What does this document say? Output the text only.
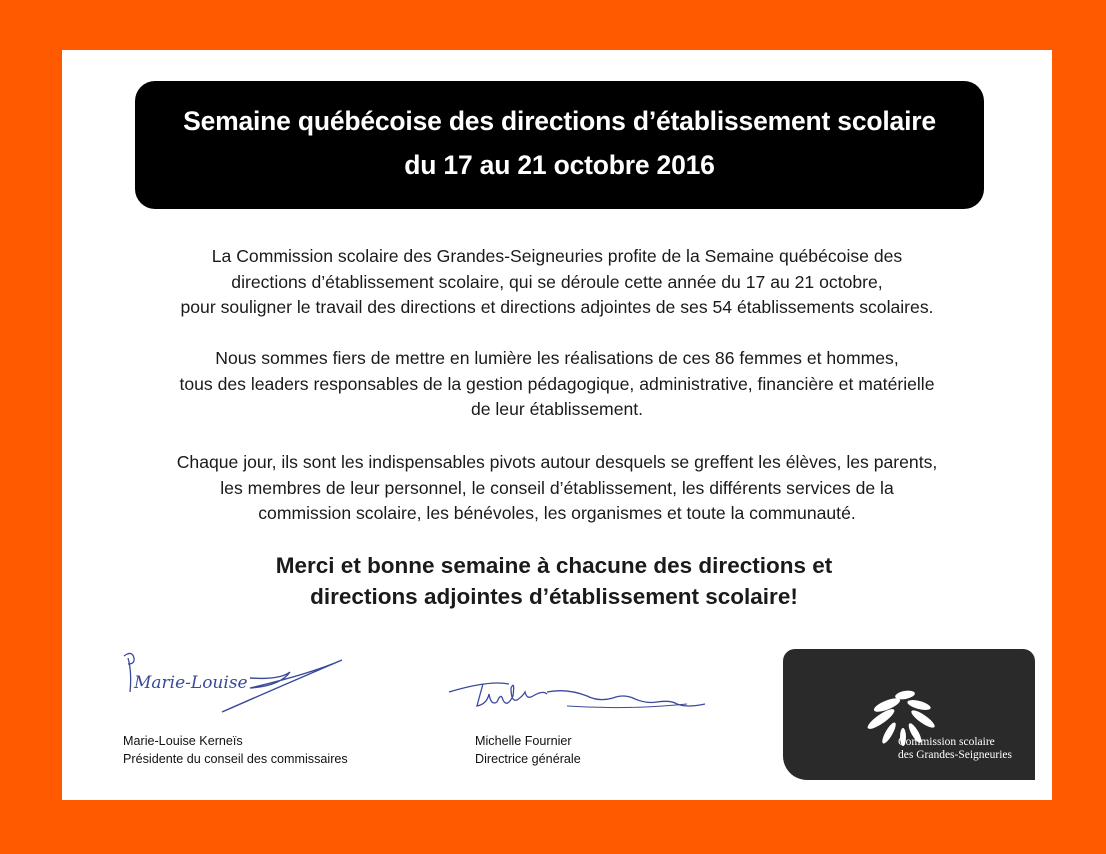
Semaine québécoise des directions d’établissement scolaire
du 17 au 21 octobre 2016
La Commission scolaire des Grandes-Seigneuries profite de la Semaine québécoise des
directions d’établissement scolaire, qui se déroule cette année du 17 au 21 octobre,
pour souligner le travail des directions et directions adjointes de ses 54 établissements scolaires.
Nous sommes fiers de mettre en lumière les réalisations de ces 86 femmes et hommes,
tous des leaders responsables de la gestion pédagogique, administrative, financière et matérielle
de leur établissement.
Chaque jour, ils sont les indispensables pivots autour desquels se greffent les élèves, les parents,
les membres de leur personnel, le conseil d’établissement, les différents services de la
commission scolaire, les bénévoles, les organismes et toute la communauté.
Merci et bonne semaine à chacune des directions et
directions adjointes d’établissement scolaire!
Marie-Louise
Marie-Louise Kerneïs
Présidente du conseil des commissaires
Michelle Fournier
Directrice générale
Commission scolaire
des Grandes-Seigneuries
